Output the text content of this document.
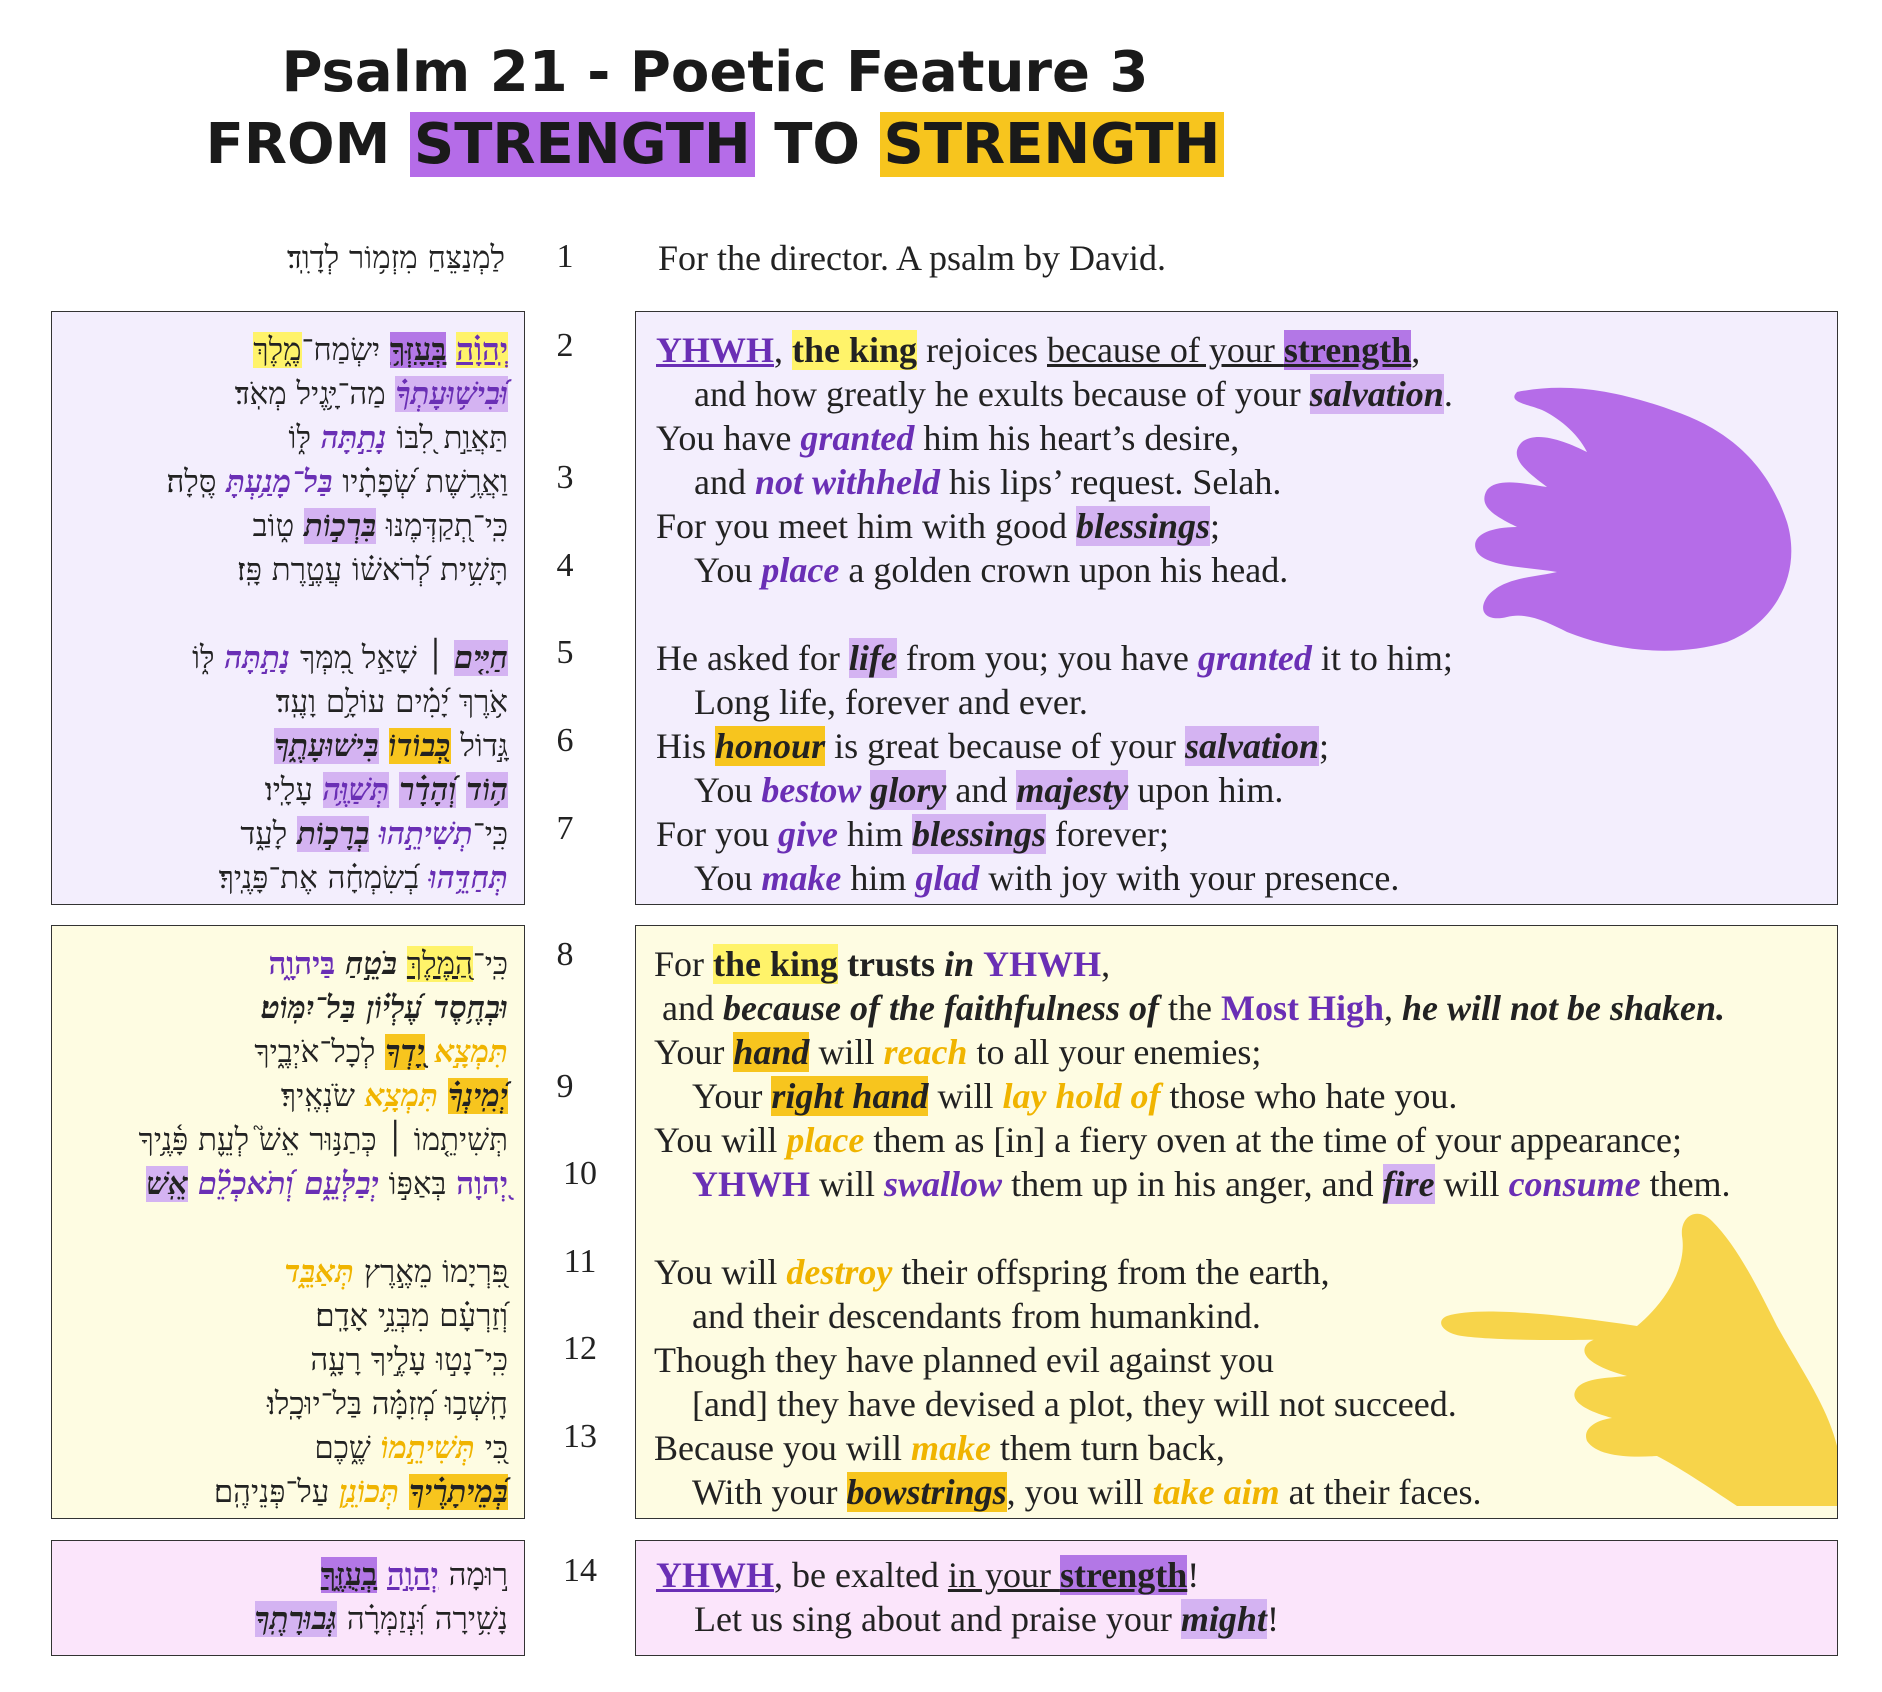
Psalm 21 - Poetic Feature 3
FROM STRENGTH TO STRENGTH
לַמְנַצֵּחַ מִזְמ֥וֹר לְדָוִֽד׃	For the director. A psalm by David.
יְֽהוָ֗ה בְּעָזְּךָ֥ יִשְׂמַח־מֶ֑לֶךְ
וּ֝בִישׁ֥וּעָתְךָ֗ מַה־יָּ֥גֶיל מְאֹֽד׃
תַּאֲוַ֣ת לִ֭בּוֹ נָתַ֣תָּה לּ֑וֹ
וַאֲרֶ֥שֶׁת שְׂ֝פָתָ֗יו בַּל־מָנַ֥עְתָּ סֶּֽלָה׃
כִּֽי־תְ֭קַדְּמֶנּוּ בִּרְכ֣וֹת ט֑וֹב
תָּשִׁ֥ית לְ֝רֹאשׁ֗וֹ עֲטֶ֣רֶת פָּֽז׃
חַיִּ֤ים ׀ שָׁאַ֣ל מִ֭מְּךָ נָתַ֣תָּה לּ֑וֹ
אֹ֥רֶךְ יָ֝מִ֗ים עוֹלָ֥ם וָעֶֽד׃
גָּ֣דוֹל כְּ֭בוֹדוֹ בִּישׁוּעָתֶ֑ךָ
ה֥וֹד וְ֝הָדָ֗ר תְּשַׁוֶּ֥ה עָלָֽיו׃
כִּֽי־תְשִׁיתֵ֣הוּ בְרָכ֣וֹת לָעַ֑ד
תְּחַדֵּ֥הוּ בְ֝שִׂמְחָ֗ה אֶת־פָּנֶֽיךָ׃
YHWH, the king rejoices because of your strength,
and how greatly he exults because of your salvation.
You have granted him his heart’s desire,
and not withheld his lips’ request. Selah.
For you meet him with good blessings;
You place a golden crown upon his head.
He asked for life from you; you have granted it to him;
Long life, forever and ever.
His honour is great because of your salvation;
You bestow glory and majesty upon him.
For you give him blessings forever;
You make him glad with joy with your presence.
כִּֽי־הַ֭מֶּלֶךְ בֹּטֵ֣חַ בַּיהוָ֑ה
וּבְחֶ֥סֶד עֶ֝לְי֗וֹן בַּל־יִמּֽוֹט׃
תִּמְצָ֣א יָ֭דְךָ לְכָל־אֹיְבֶ֑יךָ
יְ֝מִֽינְךָ֗ תִּמְצָ֥א שֹׂנְאֶֽיךָ׃
תְּשִׁיתֵ֤מוֹ ׀ כְּתַנּ֥וּר אֵשׁ֮ לְעֵ֪ת פָּ֫נֶ֥יךָ
יְ֭הוָה בְּאַפּ֣וֹ יְבַלְּעֵ֑ם וְ֝תֹאכְלֵ֗ם אֵֽשׁ
פִּ֭רְיָמוֹ מֵאֶ֣רֶץ תְּאַבֵּ֑ד
וְ֝זַרְעָ֗ם מִבְּנֵ֥י אָדָֽם׃
כִּֽי־נָט֣וּ עָלֶ֣יךָ רָעָ֑ה
חָֽשְׁב֥וּ מְ֝זִמָּ֗ה בַּל־יוּכָֽלוּ׃
כִּ֭י תְּשִׁיתֵ֣מוֹ שֶׁ֑כֶם
בְּ֝מֵיתָרֶ֗יךָ תְּכוֹנֵ֥ן עַל־פְּנֵיהֶֽם׃
For the king trusts in YHWH,
and because of the faithfulness of the Most High, he will not be shaken.
Your hand will reach to all your enemies;
Your right hand will lay hold of those who hate you.
You will place them as [in] a fiery oven at the time of your appearance;
YHWH will swallow them up in his anger, and fire will consume them.
You will destroy their offspring from the earth,
and their descendants from humankind.
Though they have planned evil against you
[and] they have devised a plot, they will not succeed.
Because you will make them turn back,
With your bowstrings, you will take aim at their faces.
ר֣וּמָה יְהוָ֣ה בְעֻזֶּ֑ךָ
נָשִׁ֥ירָה וּֽ֝נְזַמְּרָ֗ה גְּבוּרָתֶֽךָ
YHWH, be exalted in your strength!
Let us sing about and praise your might!
1
2
3
4
5
6
7
8
9
10
11
12
13
14
